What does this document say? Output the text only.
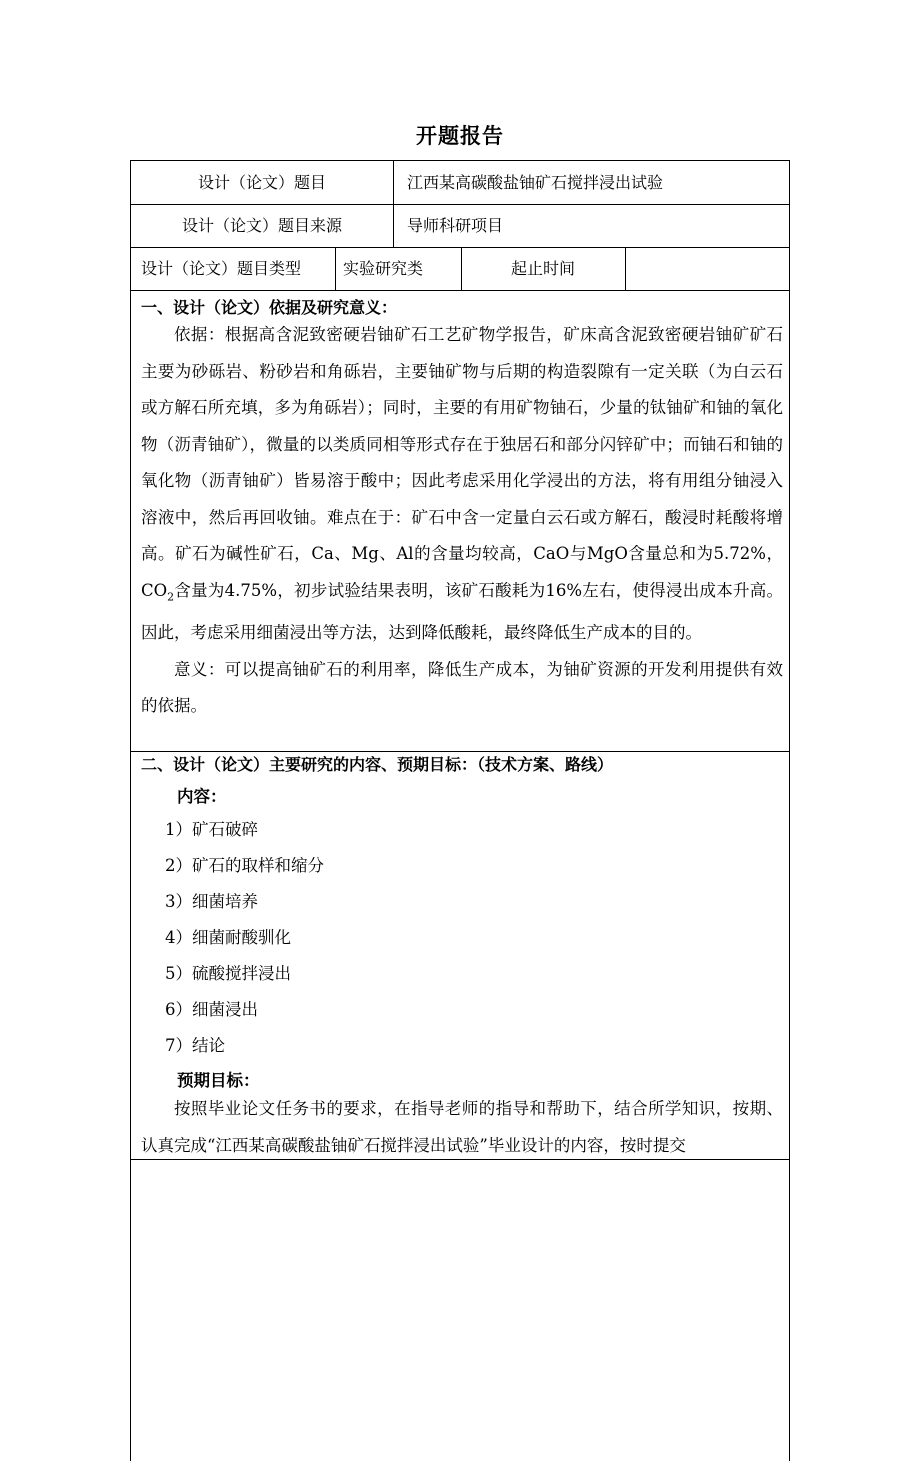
开题报告
设计（论文）题目	江西某高碳酸盐铀矿石搅拌浸出试验
设计（论文）题目来源	导师科研项目
设计（论文）题目类型	实验研究类	起止时间
一、设计（论文）依据及研究意义：

依据：根据高含泥致密硬岩铀矿石工艺矿物学报告，矿床高含泥致密硬岩铀矿矿石主要为砂砾岩、粉砂岩和角砾岩，主要铀矿物与后期的构造裂隙有一定关联（为白云石或方解石所充填，多为角砾岩）；同时，主要的有用矿物铀石，少量的钛铀矿和铀的氧化物（沥青铀矿），微量的以类质同相等形式存在于独居石和部分闪锌矿中；而铀石和铀的氧化物（沥青铀矿）皆易溶于酸中；因此考虑采用化学浸出的方法，将有用组分铀浸入溶液中，然后再回收铀。难点在于：矿石中含一定量白云石或方解石，酸浸时耗酸将增高。矿石为碱性矿石，Ca、Mg、Al的含量均较高，CaO与MgO含量总和为5.72%，$CO_2$含量为4.75%，初步试验结果表明，该矿石酸耗为16%左右，使得浸出成本升高。因此，考虑采用细菌浸出等方法，达到降低酸耗，最终降低生产成本的目的。

意义：可以提高铀矿石的利用率，降低生产成本，为铀矿资源的开发利用提供有效的依据。

二、设计（论文）主要研究的内容、预期目标：（技术方案、路线）
内容：
1）矿石破碎
2）矿石的取样和缩分
3）细菌培养
4）细菌耐酸驯化
5）硫酸搅拌浸出
6）细菌浸出
7）结论
预期目标：

按照毕业论文任务书的要求，在指导老师的指导和帮助下，结合所学知识，按期、认真完成“江西某高碳酸盐铀矿石搅拌浸出试验”毕业设计的内容，按时提交
